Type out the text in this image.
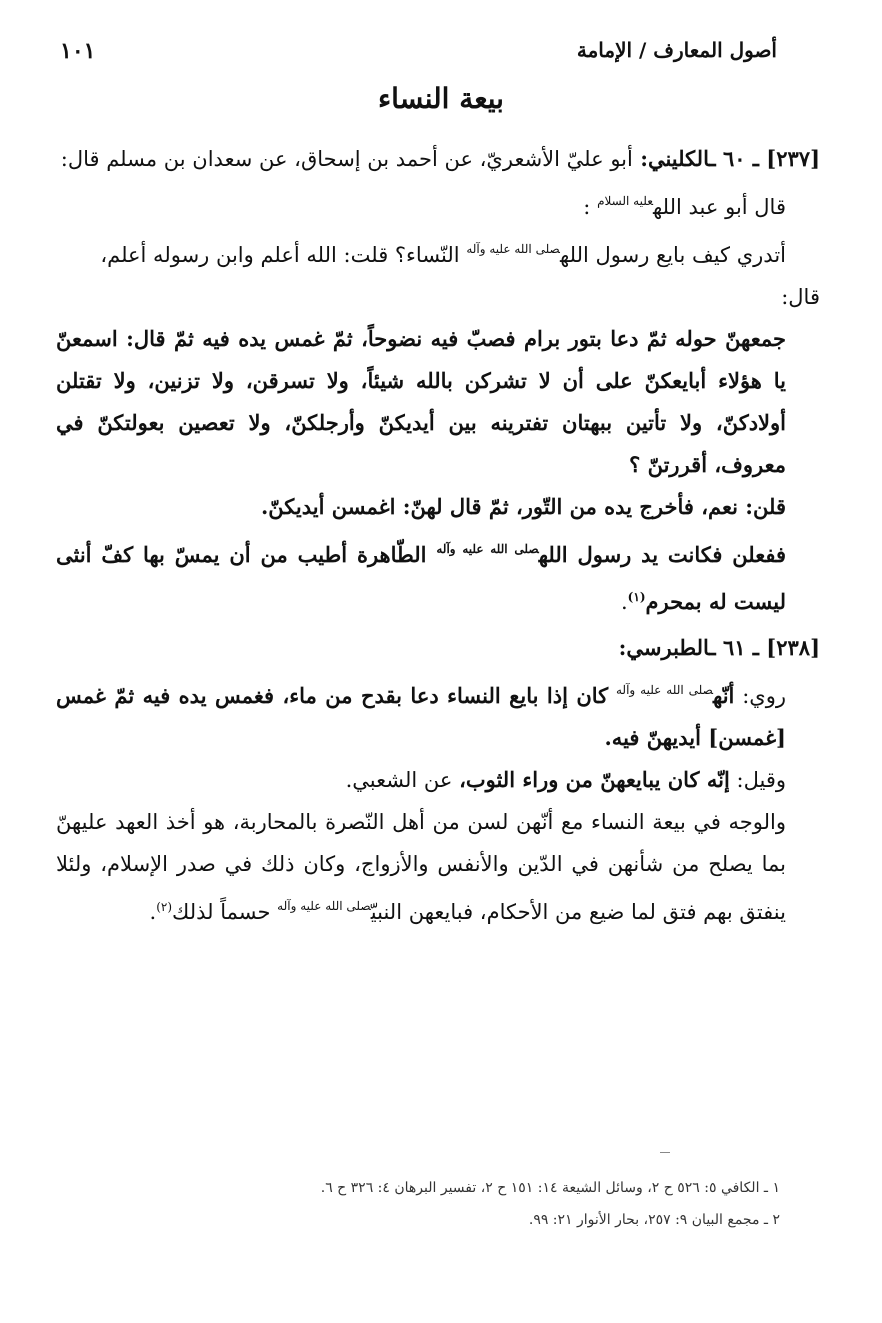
أصول المعارف / الإمامة
١٠١
بيعة النساء

[٢٣٧] ـ ٦٠ ـالكليني: أبو عليّ الأشعريّ، عن أحمد بن إسحاق، عن سعدان بن مسلم قال:

قال أبو عبد الله$^{عليه السلام}$ :

أتدري كيف بايع رسول الله$^{صلى الله عليه وآله}$ النّساء؟ قلت: الله أعلم وابن رسوله أعلم،

قال:

جمعهنّ حوله ثمّ دعا بتور برام فصبّ فيه نضوحاً، ثمّ غمس يده فيه ثمّ قال: اسمعنّ يا هؤلاء أبايعكنّ على أن لا تشركن بالله شيئاً، ولا تسرقن، ولا تزنين، ولا تقتلن أولادكنّ، ولا تأتين ببهتان تفترينه بين أيديكنّ وأرجلكنّ، ولا تعصين بعولتكنّ في معروف، أقررتنّ ؟

قلن: نعم، فأخرج يده من التّور، ثمّ قال لهنّ: اغمسن أيديكنّ.

ففعلن فكانت يد رسول الله$^{صلى الله عليه وآله}$ الطّاهرة أطيب من أن يمسّ بها كفّ أنثى ليست له بمحرم$^{(١)}$.

[٢٣٨] ـ ٦١ ـالطبرسي:

روي: أنّه$^{صلى الله عليه وآله}$ كان إذا بايع النساء دعا بقدح من ماء، فغمس يده فيه ثمّ غمس [غمسن] أيديهنّ فيه.

وقيل: إنّه كان يبايعهنّ من وراء الثوب، عن الشعبي.

والوجه في بيعة النساء مع أنّهن لسن من أهل النّصرة بالمحاربة، هو أخذ العهد عليهنّ بما يصلح من شأنهن في الدّين والأنفس والأزواج، وكان ذلك في صدر الإسلام، ولئلا ينفتق بهم فتق لما ضيع من الأحكام، فبايعهن النبيّ$^{صلى الله عليه وآله}$ حسماً لذلك$^{(٢)}$.

١ ـ الكافي ٥: ٥٢٦ ح ٢، وسائل الشيعة ١٤: ١٥١ ح ٢، تفسير البرهان ٤: ٣٢٦ ح ٦.

٢ ـ مجمع البيان ٩: ٢٥٧، بحار الأنوار ٢١: ٩٩.
